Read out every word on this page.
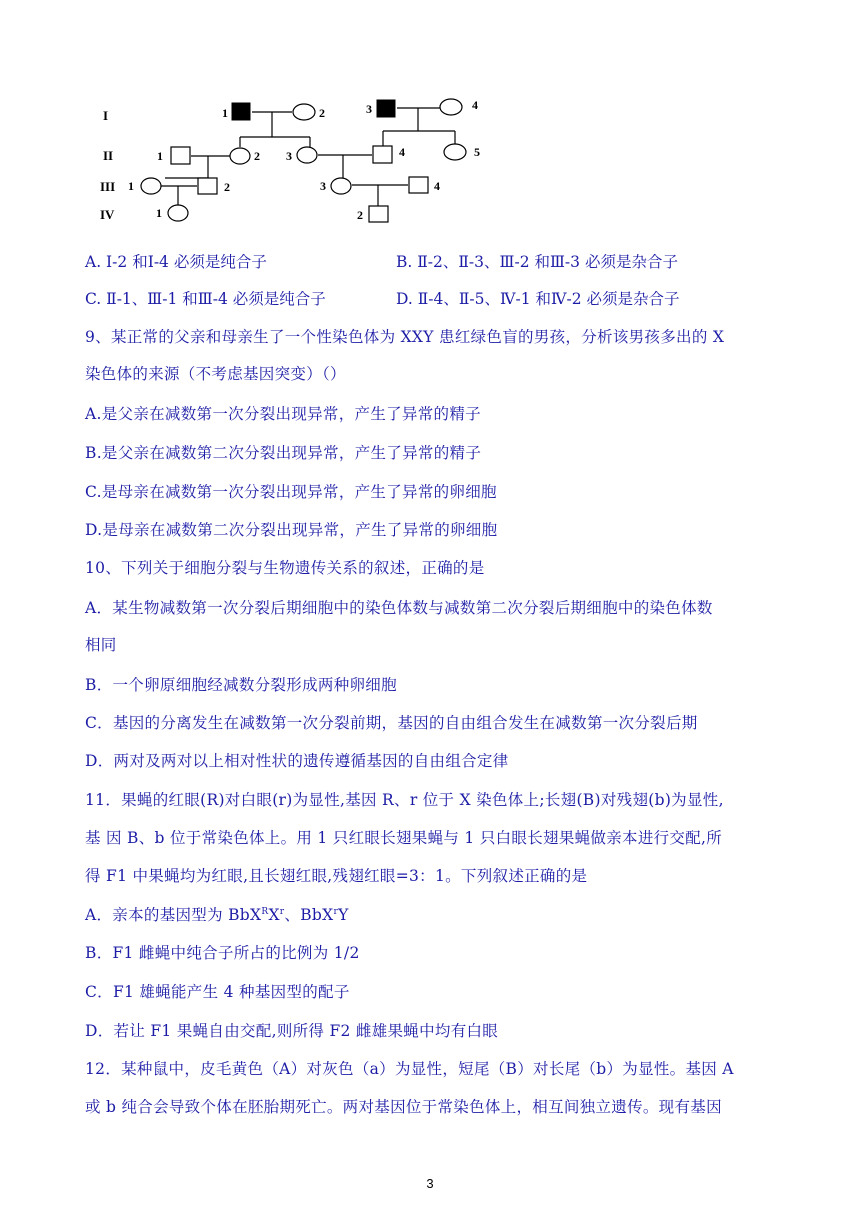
I
II
III
IV
1	2	3	4
1	2 3	4	5
1	2	3	4
1	2

A. Ⅰ-2 和Ⅰ-4 必须是纯合子	B. Ⅱ-2、Ⅱ-3、Ⅲ-2 和Ⅲ-3 必须是杂合子

C. Ⅱ-1、Ⅲ-1 和Ⅲ-4 必须是纯合子	D. Ⅱ-4、Ⅱ-5、Ⅳ-1 和Ⅳ-2 必须是杂合子

9、某正常的父亲和母亲生了一个性染色体为 XXY 患红绿色盲的男孩，分析该男孩多出的 X

染色体的来源（不考虑基因突变）（）

A.是父亲在减数第一次分裂出现异常，产生了异常的精子

B.是父亲在减数第二次分裂出现异常，产生了异常的精子

C.是母亲在减数第一次分裂出现异常，产生了异常的卵细胞

D.是母亲在减数第二次分裂出现异常，产生了异常的卵细胞

10、下列关于细胞分裂与生物遗传关系的叙述，正确的是

A．某生物减数第一次分裂后期细胞中的染色体数与减数第二次分裂后期细胞中的染色体数

相同

B．一个卵原细胞经减数分裂形成两种卵细胞

C．基因的分离发生在减数第一次分裂前期，基因的自由组合发生在减数第一次分裂后期

D．两对及两对以上相对性状的遗传遵循基因的自由组合定律

11．果蝇的红眼(R)对白眼(r)为显性,基因 R、r 位于 X 染色体上;长翅(B)对残翅(b)为显性,

基 因 B、b 位于常染色体上。用 1 只红眼长翅果蝇与 1 只白眼长翅果蝇做亲本进行交配,所

得 F1 中果蝇均为红眼,且长翅红眼,残翅红眼=3：1。下列叙述正确的是

A．亲本的基因型为 $BbX^RX^r$、BbX$^r$Y

B．F1 雌蝇中纯合子所占的比例为 1/2

C．F1 雄蝇能产生 4 种基因型的配子

D．若让 F1 果蝇自由交配,则所得 F2 雌雄果蝇中均有白眼

12．某种鼠中，皮毛黄色（A）对灰色（a）为显性，短尾（B）对长尾（b）为显性。基因 A

或 b 纯合会导致个体在胚胎期死亡。两对基因位于常染色体上，相互间独立遗传。现有基因

3
